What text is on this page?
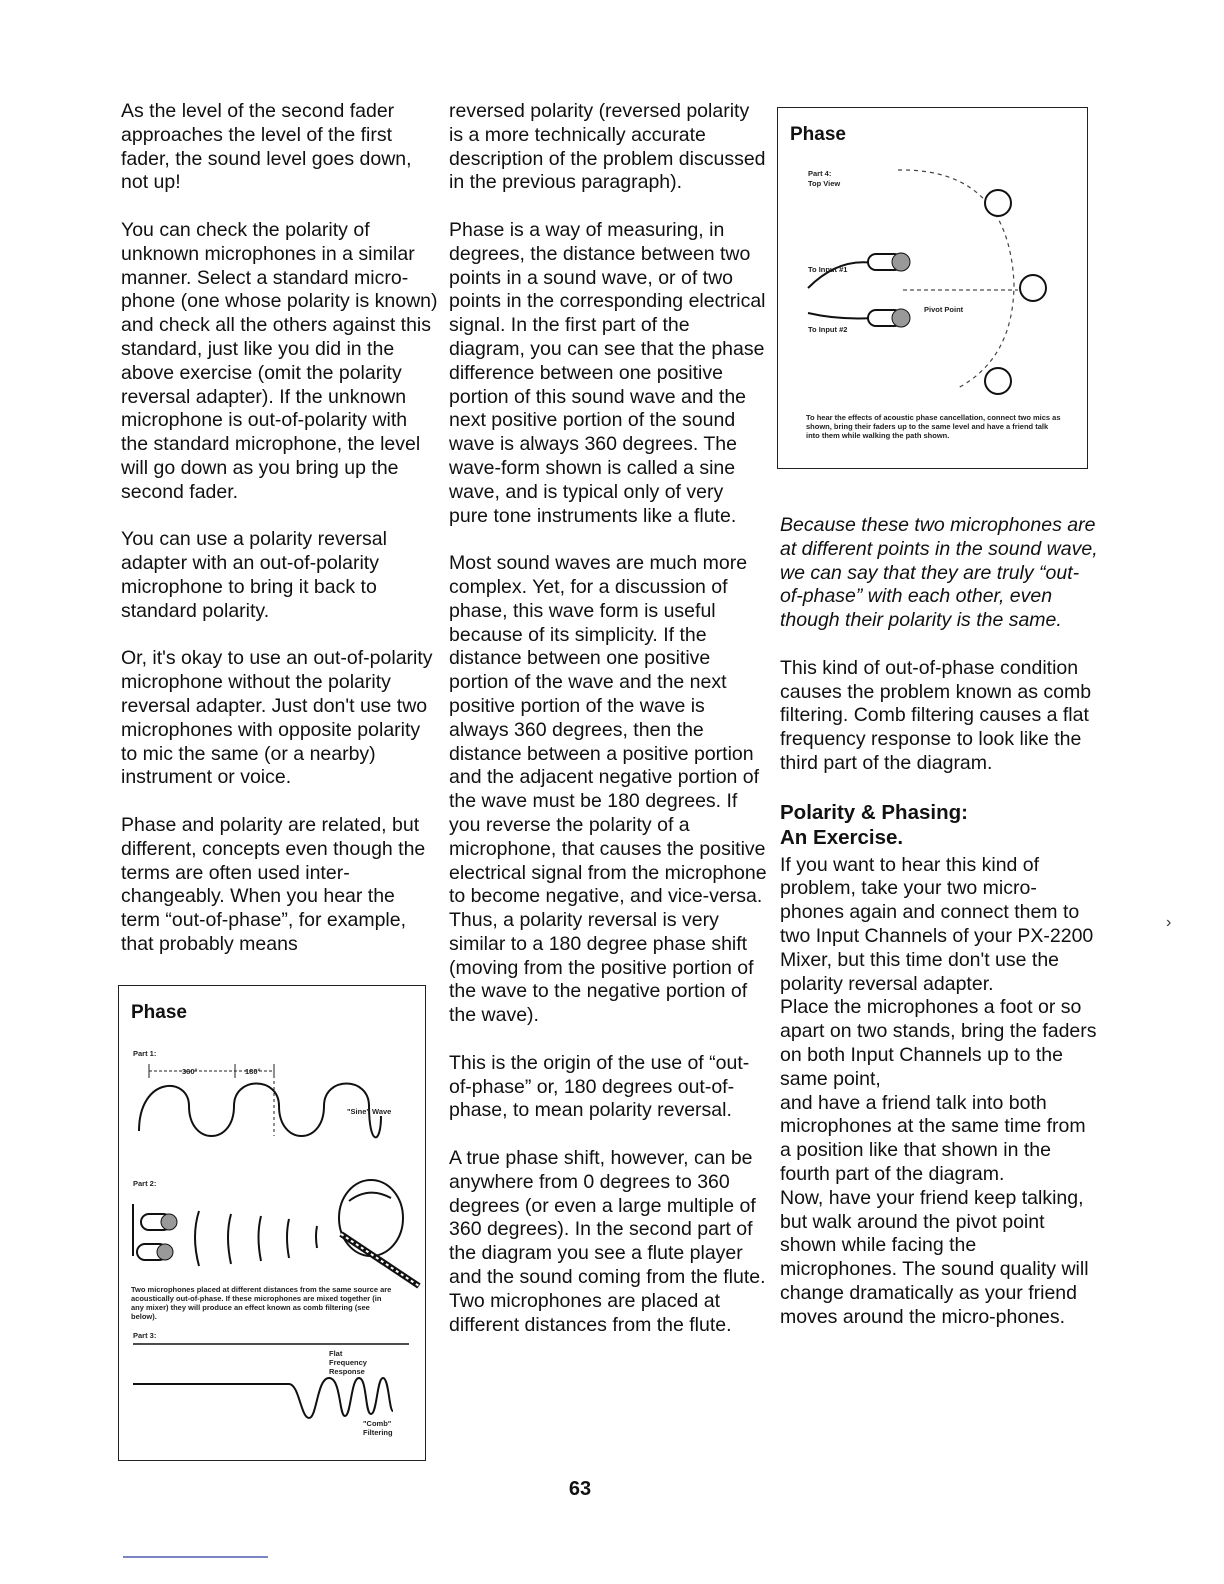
As the level of the second fader approaches the level of the first fader, the sound level goes down, not up!

You can check the polarity of unknown microphones in a similar manner. Select a standard micro-phone (one whose polarity is known) and check all the others against this standard, just like you did in the above exercise (omit the polarity reversal adapter). If the unknown microphone is out-of-polarity with the standard microphone, the level will go down as you bring up the second fader.

You can use a polarity reversal adapter with an out-of-polarity microphone to bring it back to standard polarity.

Or, it's okay to use an out-of-polarity microphone without the polarity reversal adapter. Just don't use two microphones with opposite polarity to mic the same (or a nearby) instrument or voice.

Phase and polarity are related, but different, concepts even though the terms are often used inter-changeably. When you hear the term “out-of-phase”, for example, that probably means

reversed polarity (reversed polarity is a more technically accurate description of the problem discussed in the previous paragraph).

Phase is a way of measuring, in degrees, the distance between two points in a sound wave, or of two points in the corresponding electrical signal. In the first part of the diagram, you can see that the phase difference between one positive portion of this sound wave and the next positive portion of the sound wave is always 360 degrees. The wave-form shown is called a sine wave, and is typical only of very pure tone instruments like a flute.

Most sound waves are much more complex. Yet, for a discussion of phase, this wave form is useful because of its simplicity. If the distance between one positive portion of the wave and the next positive portion of the wave is always 360 degrees, then the distance between a positive portion and the adjacent negative portion of the wave must be 180 degrees. If you reverse the polarity of a microphone, that causes the positive electrical signal from the microphone to become negative, and vice-versa.

Thus, a polarity reversal is very similar to a 180 degree phase shift (moving from the positive portion of the wave to the negative portion of the wave).

This is the origin of the use of “out-of-phase” or, 180 degrees out-of-phase, to mean polarity reversal.

A true phase shift, however, can be anywhere from 0 degrees to 360 degrees (or even a large multiple of 360 degrees). In the second part of the diagram you see a flute player and the sound coming from the flute.

Two microphones are placed at different distances from the flute.

Because these two microphones are at different points in the sound wave, we can say that they are truly “out-of-phase” with each other, even though their polarity is the same.

This kind of out-of-phase condition causes the problem known as comb filtering. Comb filtering causes a flat frequency response to look like the third part of the diagram.

Polarity & Phasing:
An Exercise.

If you want to hear this kind of problem, take your two micro-phones again and connect them to two Input Channels of your PX-2200 Mixer, but this time don't use the polarity reversal adapter.

Place the microphones a foot or so apart on two stands, bring the faders on both Input Channels up to the same point,

and have a friend talk into both microphones at the same time from a position like that shown in the fourth part of the diagram.

Now, have your friend keep talking, but walk around the pivot point shown while facing the microphones. The sound quality will change dramatically as your friend moves around the micro-phones.

Phase
Part 1:
360°	180°
"Sine" Wave
Part 2:
Two microphones placed at different distances from the same source are acoustically out-of-phase. If these microphones are mixed together (in any mixer) they will produce an effect known as comb filtering (see below).
Part 3:
Flat Frequency Response
"Comb" Filtering
Phase
Part 4:
Top View
To Input #1
To Input #2
Pivot Point
To hear the effects of acoustic phase cancellation, connect two mics as shown, bring their faders up to the same level and have a friend talk into them while walking the path shown.
63
›
